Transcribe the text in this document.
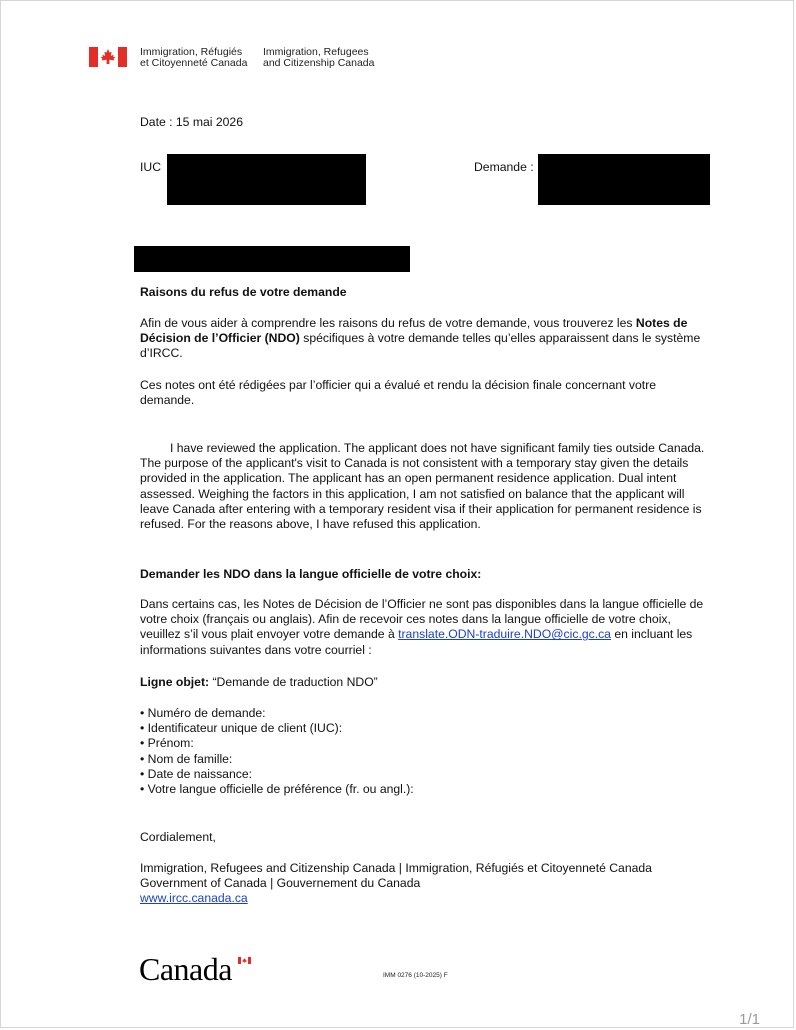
Immigration, Réfugiés
et Citoyenneté Canada
Immigration, Refugees
and Citizenship Canada
Date : 15 mai 2026
IUC	Demande :
Raisons du refus de votre demande
Afin de vous aider à comprendre les raisons du refus de votre demande, vous trouverez les Notes de Décision de l’Officier (NDO) spécifiques à votre demande telles qu’elles apparaissent dans le système d’IRCC.
Ces notes ont été rédigées par l’officier qui a évalué et rendu la décision finale concernant votre demande.
I have reviewed the application. The applicant does not have significant family ties outside Canada. The purpose of the applicant's visit to Canada is not consistent with a temporary stay given the details provided in the application. The applicant has an open permanent residence application. Dual intent assessed. Weighing the factors in this application, I am not satisfied on balance that the applicant will leave Canada after entering with a temporary resident visa if their application for permanent residence is refused. For the reasons above, I have refused this application.
Demander les NDO dans la langue officielle de votre choix:
Dans certains cas, les Notes de Décision de l’Officier ne sont pas disponibles dans la langue officielle de votre choix (français ou anglais). Afin de recevoir ces notes dans la langue officielle de votre choix, veuillez s’il vous plait envoyer votre demande à translate.ODN-traduire.NDO@cic.gc.ca en incluant les informations suivantes dans votre courriel :
Ligne objet: “Demande de traduction NDO”
• Numéro de demande:
• Identificateur unique de client (IUC):
• Prénom:
• Nom de famille:
• Date de naissance:
• Votre langue officielle de préférence (fr. ou angl.):
Cordialement,
Immigration, Refugees and Citizenship Canada | Immigration, Réfugiés et Citoyenneté Canada
Government of Canada | Gouvernement du Canada
www.ircc.canada.ca
Canada	IMM 0276 (10-2025) F
1/1
